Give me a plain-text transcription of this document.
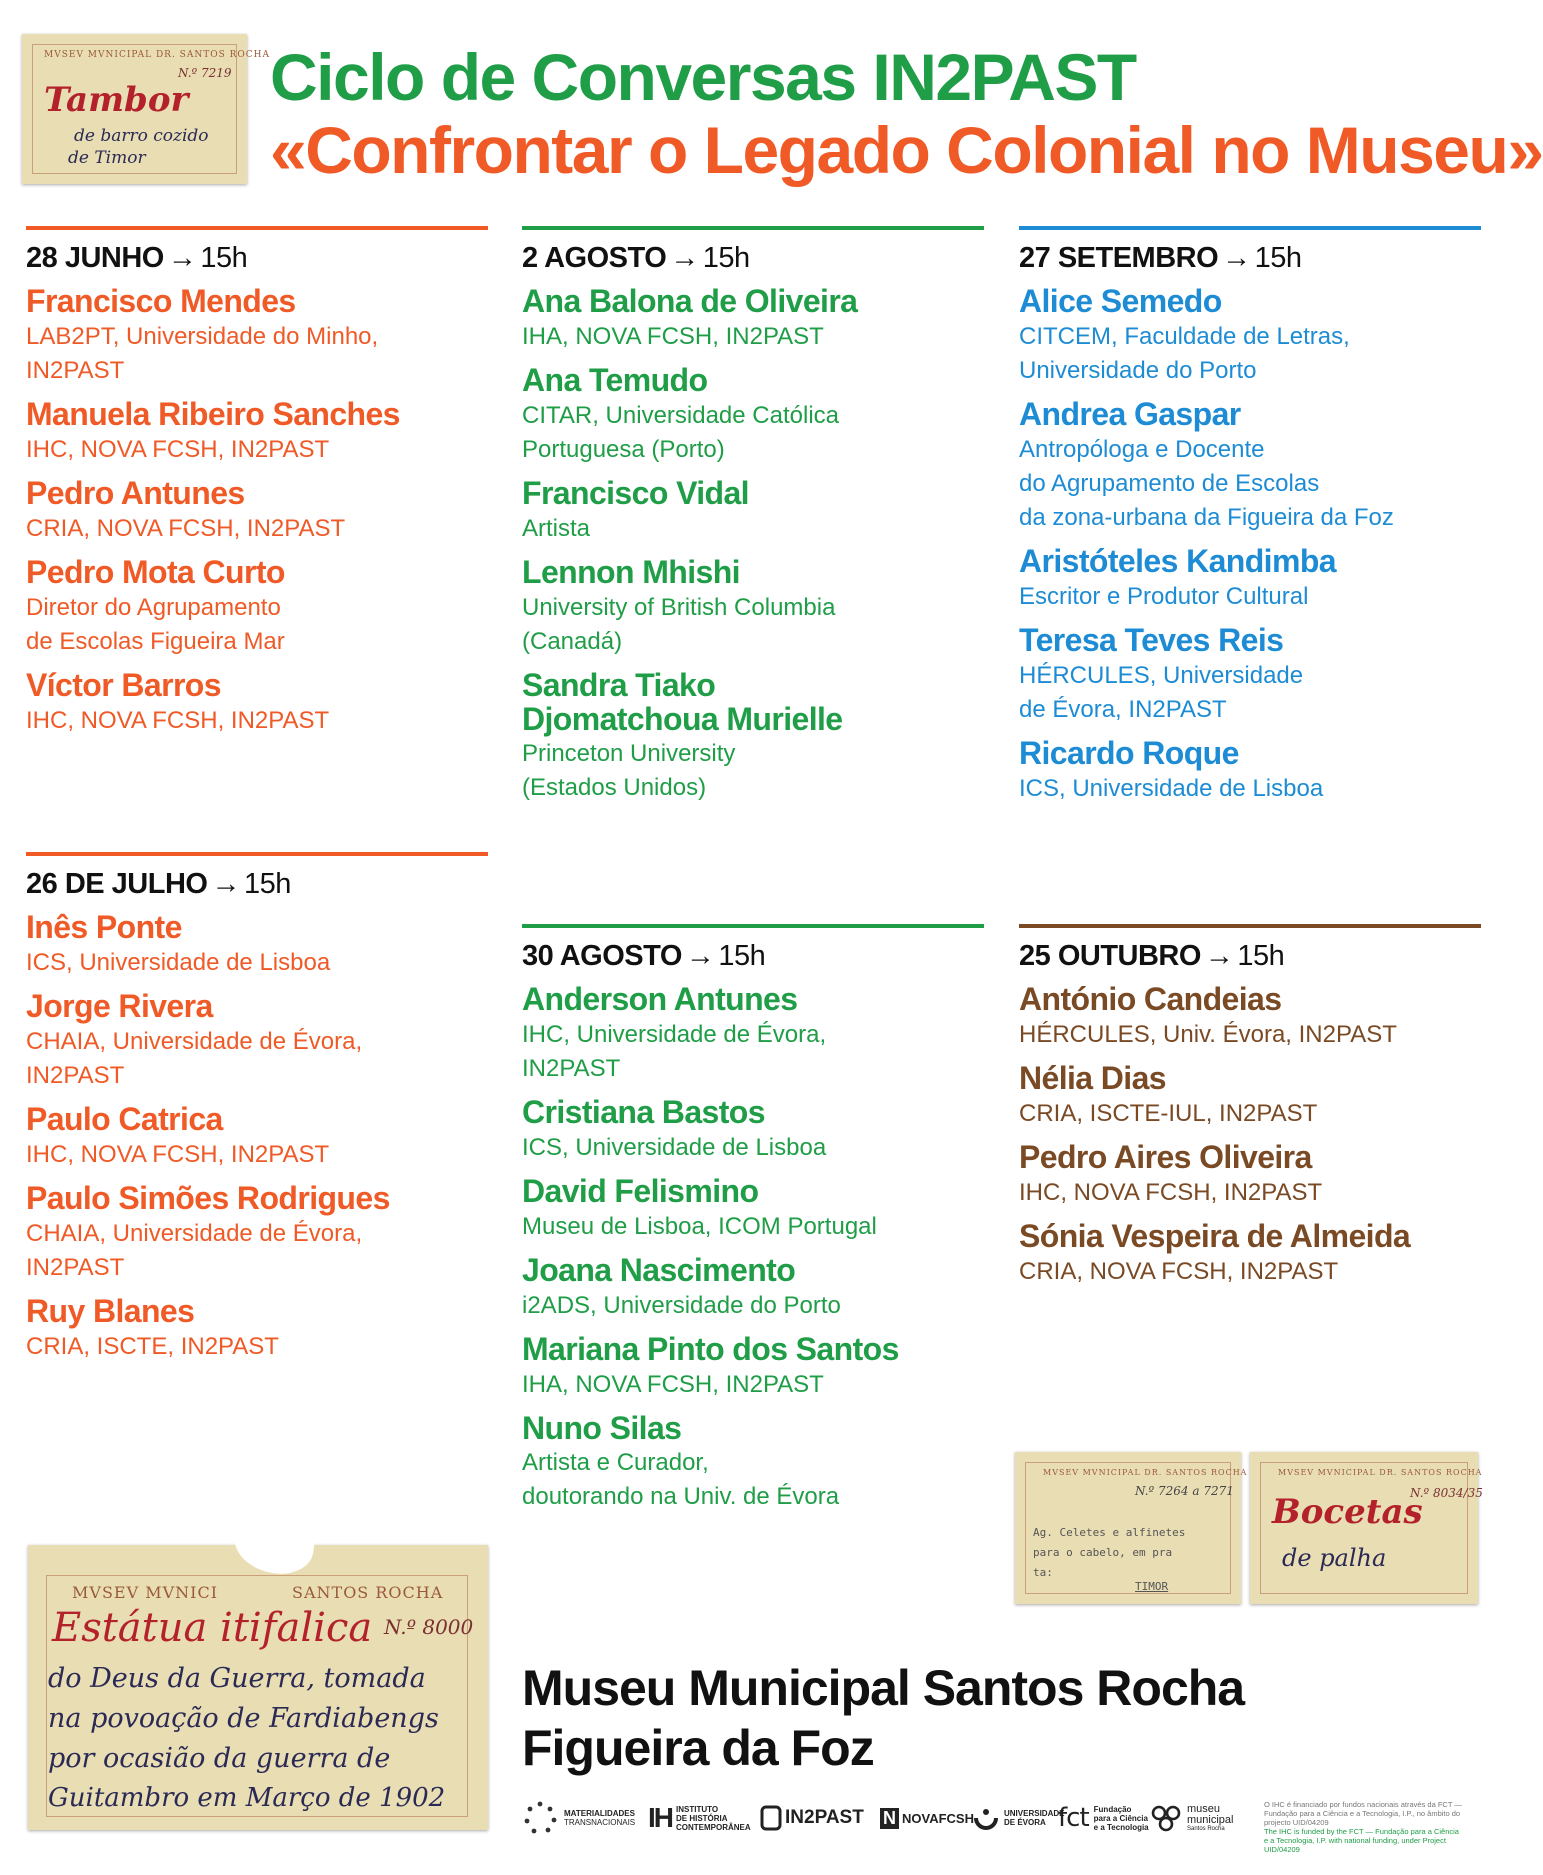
Ciclo de Conversas IN2PAST
«Confrontar o Legado Colonial no Museu»
MVSEV MVNICIPAL DR. SANTOS ROCHA
N.º 7219
Tambor
de barro cozido
de Timor
28 JUNHO → 15h
Francisco Mendes
LAB2PT, Universidade do Minho,
IN2PAST
Manuela Ribeiro Sanches
IHC, NOVA FCSH, IN2PAST
Pedro Antunes
CRIA, NOVA FCSH, IN2PAST
Pedro Mota Curto
Diretor do Agrupamento
de Escolas Figueira Mar
Víctor Barros
IHC, NOVA FCSH, IN2PAST
26 DE JULHO → 15h
Inês Ponte
ICS, Universidade de Lisboa
Jorge Rivera
CHAIA, Universidade de Évora,
IN2PAST
Paulo Catrica
IHC, NOVA FCSH, IN2PAST
Paulo Simões Rodrigues
CHAIA, Universidade de Évora,
IN2PAST
Ruy Blanes
CRIA, ISCTE, IN2PAST
2 AGOSTO → 15h
Ana Balona de Oliveira
IHA, NOVA FCSH, IN2PAST
Ana Temudo
CITAR, Universidade Católica
Portuguesa (Porto)
Francisco Vidal
Artista
Lennon Mhishi
University of British Columbia
(Canadá)
Sandra Tiako
Djomatchoua Murielle
Princeton University
(Estados Unidos)
30 AGOSTO → 15h
Anderson Antunes
IHC, Universidade de Évora,
IN2PAST
Cristiana Bastos
ICS, Universidade de Lisboa
David Felismino
Museu de Lisboa, ICOM Portugal
Joana Nascimento
i2ADS, Universidade do Porto
Mariana Pinto dos Santos
IHA, NOVA FCSH, IN2PAST
Nuno Silas
Artista e Curador,
doutorando na Univ. de Évora
27 SETEMBRO → 15h
Alice Semedo
CITCEM, Faculdade de Letras,
Universidade do Porto
Andrea Gaspar
Antropóloga e Docente
do Agrupamento de Escolas
da zona-urbana da Figueira da Foz
Aristóteles Kandimba
Escritor e Produtor Cultural
Teresa Teves Reis
HÉRCULES, Universidade
de Évora, IN2PAST
Ricardo Roque
ICS, Universidade de Lisboa
25 OUTUBRO → 15h
António Candeias
HÉRCULES, Univ. Évora, IN2PAST
Nélia Dias
CRIA, ISCTE-IUL, IN2PAST
Pedro Aires Oliveira
IHC, NOVA FCSH, IN2PAST
Sónia Vespeira de Almeida
CRIA, NOVA FCSH, IN2PAST
MVSEV MVNICIPAL DR. SANTOS ROCHA
N.º 7264 a 7271
Ag. Celetes e alfinetes
para o cabelo, em pra
ta:
TIMOR
MVSEV MVNICIPAL DR. SANTOS ROCHA
N.º 8034/35
Bocetas
de palha
MVSEV MVNICI	SANTOS ROCHA
N.º 8000
Estátua itifalica
do Deus da Guerra, tomada
na povoação de Fardiabengs
por ocasião da guerra de
Guitambro em Março de 1902
Museu Municipal Santos Rocha
Figueira da Foz
MATERIALIDADES
TRANSNACIONAIS IH INSTITUTO
DE HISTÓRIA
CONTEMPORÂNEA IN2PAST N NOVAFCSH	UNIVERSIDADE
DE ÉVORA fct Fundação
para a Ciência
e a Tecnologia
museu
municipal
Santos Rocha
O IHC é financiado por fundos nacionais através da FCT — Fundação para a Ciência e a Tecnologia, I.P., no âmbito do projecto UID/04209
The IHC is funded by the FCT — Fundação para a Ciência e a Tecnologia, I.P. with national funding, under Project UID/04209
